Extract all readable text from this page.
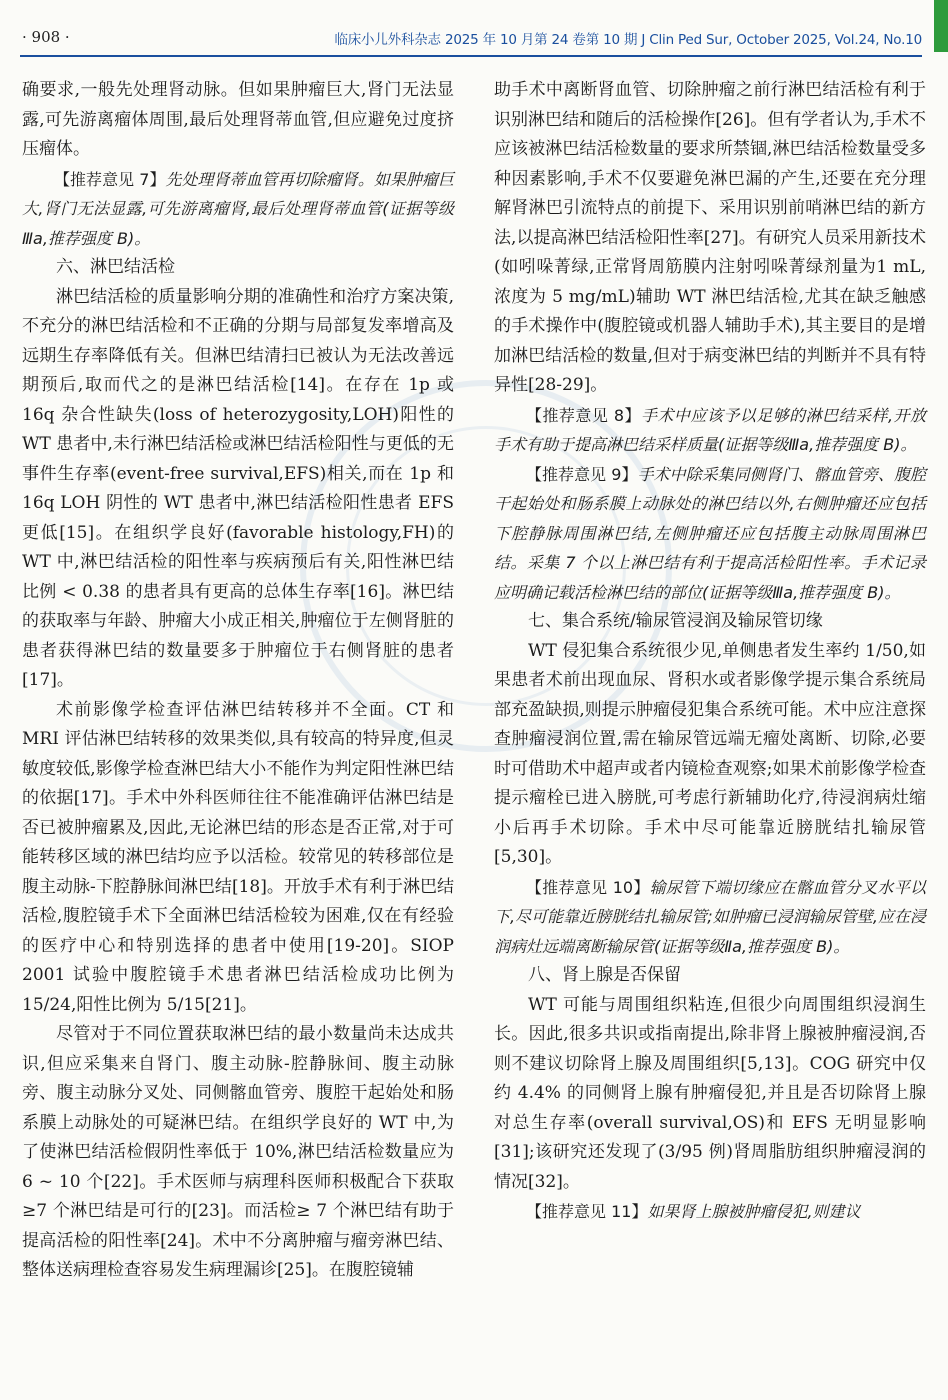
· 908 ·	临床小儿外科杂志 2025 年 10 月第 24 卷第 10 期 J Clin Ped Sur, October 2025, Vol.24, No.10

确要求,一般先处理肾动脉。但如果肿瘤巨大,肾门无法显露,可先游离瘤体周围,最后处理肾蒂血管,但应避免过度挤压瘤体。

【推荐意见 7】先处理肾蒂血管再切除瘤肾。如果肿瘤巨大,肾门无法显露,可先游离瘤肾,最后处理肾蒂血管(证据等级Ⅲa,推荐强度 B)。

六、淋巴结活检

淋巴结活检的质量影响分期的准确性和治疗方案决策,不充分的淋巴结活检和不正确的分期与局部复发率增高及远期生存率降低有关。但淋巴结清扫已被认为无法改善远期预后,取而代之的是淋巴结活检[14]。在存在 1p 或 16q 杂合性缺失(loss of heterozygosity,LOH)阳性的 WT 患者中,未行淋巴结活检或淋巴结活检阳性与更低的无事件生存率(event-free survival,EFS)相关,而在 1p 和 16q LOH 阴性的 WT 患者中,淋巴结活检阳性患者 EFS 更低[15]。在组织学良好(favorable histology,FH)的 WT 中,淋巴结活检的阳性率与疾病预后有关,阳性淋巴结比例 < 0.38 的患者具有更高的总体生存率[16]。淋巴结的获取率与年龄、肿瘤大小成正相关,肿瘤位于左侧肾脏的患者获得淋巴结的数量要多于肿瘤位于右侧肾脏的患者[17]。

术前影像学检查评估淋巴结转移并不全面。CT 和 MRI 评估淋巴结转移的效果类似,具有较高的特异度,但灵敏度较低,影像学检查淋巴结大小不能作为判定阳性淋巴结的依据[17]。手术中外科医师往往不能准确评估淋巴结是否已被肿瘤累及,因此,无论淋巴结的形态是否正常,对于可能转移区域的淋巴结均应予以活检。较常见的转移部位是腹主动脉-下腔静脉间淋巴结[18]。开放手术有利于淋巴结活检,腹腔镜手术下全面淋巴结活检较为困难,仅在有经验的医疗中心和特别选择的患者中使用[19-20]。SIOP 2001 试验中腹腔镜手术患者淋巴结活检成功比例为 15/24,阳性比例为 5/15[21]。

尽管对于不同位置获取淋巴结的最小数量尚未达成共识,但应采集来自肾门、腹主动脉-腔静脉间、腹主动脉旁、腹主动脉分叉处、同侧髂血管旁、腹腔干起始处和肠系膜上动脉处的可疑淋巴结。在组织学良好的 WT 中,为了使淋巴结活检假阴性率低于 10%,淋巴结活检数量应为 6 ~ 10 个[22]。手术医师与病理科医师积极配合下获取≥7 个淋巴结是可行的[23]。而活检≥ 7 个淋巴结有助于提高活检的阳性率[24]。术中不分离肿瘤与瘤旁淋巴结、整体送病理检查容易发生病理漏诊[25]。在腹腔镜辅

助手术中离断肾血管、切除肿瘤之前行淋巴结活检有利于识别淋巴结和随后的活检操作[26]。但有学者认为,手术不应该被淋巴结活检数量的要求所禁锢,淋巴结活检数量受多种因素影响,手术不仅要避免淋巴漏的产生,还要在充分理解肾淋巴引流特点的前提下、采用识别前哨淋巴结的新方法,以提高淋巴结活检阳性率[27]。有研究人员采用新技术(如吲哚菁绿,正常肾周筋膜内注射吲哚菁绿剂量为1 mL,浓度为 5 mg/mL)辅助 WT 淋巴结活检,尤其在缺乏触感的手术操作中(腹腔镜或机器人辅助手术),其主要目的是增加淋巴结活检的数量,但对于病变淋巴结的判断并不具有特异性[28-29]。

【推荐意见 8】手术中应该予以足够的淋巴结采样,开放手术有助于提高淋巴结采样质量(证据等级Ⅲa,推荐强度 B)。

【推荐意见 9】手术中除采集同侧肾门、髂血管旁、腹腔干起始处和肠系膜上动脉处的淋巴结以外,右侧肿瘤还应包括下腔静脉周围淋巴结,左侧肿瘤还应包括腹主动脉周围淋巴结。采集 7 个以上淋巴结有利于提高活检阳性率。手术记录应明确记载活检淋巴结的部位(证据等级Ⅲa,推荐强度 B)。

七、集合系统/输尿管浸润及输尿管切缘

WT 侵犯集合系统很少见,单侧患者发生率约 1/50,如果患者术前出现血尿、肾积水或者影像学提示集合系统局部充盈缺损,则提示肿瘤侵犯集合系统可能。术中应注意探查肿瘤浸润位置,需在输尿管远端无瘤处离断、切除,必要时可借助术中超声或者内镜检查观察;如果术前影像学检查提示瘤栓已进入膀胱,可考虑行新辅助化疗,待浸润病灶缩小后再手术切除。手术中尽可能靠近膀胱结扎输尿管[5,30]。

【推荐意见 10】输尿管下端切缘应在髂血管分叉水平以下,尽可能靠近膀胱结扎输尿管;如肿瘤已浸润输尿管壁,应在浸润病灶远端离断输尿管(证据等级Ⅱa,推荐强度 B)。

八、肾上腺是否保留

WT 可能与周围组织粘连,但很少向周围组织浸润生长。因此,很多共识或指南提出,除非肾上腺被肿瘤浸润,否则不建议切除肾上腺及周围组织[5,13]。COG 研究中仅约 4.4% 的同侧肾上腺有肿瘤侵犯,并且是否切除肾上腺对总生存率(overall survival,OS)和 EFS 无明显影响[31];该研究还发现了(3/95 例)肾周脂肪组织肿瘤浸润的情况[32]。

【推荐意见 11】如果肾上腺被肿瘤侵犯,则建议
